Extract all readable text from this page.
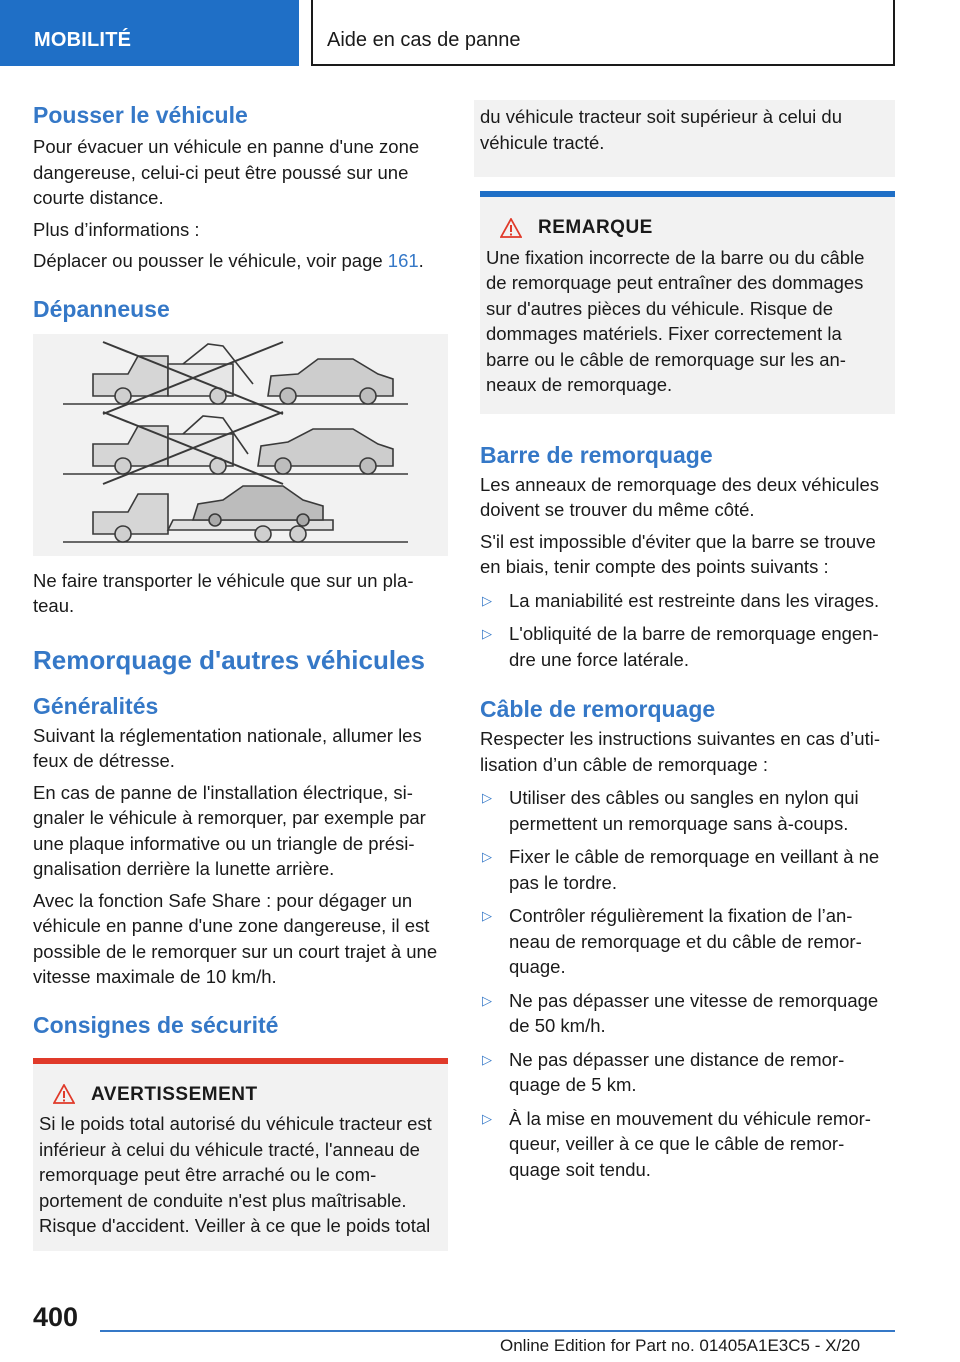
MOBILITÉ	Aide en cas de panne
Pousser le véhicule

Pour évacuer un véhicule en panne d'une zone dangereuse, celui-ci peut être poussé sur une courte distance.

Plus d’informations :

Déplacer ou pousser le véhicule, voir page 161.

Dépanneuse

Ne faire transporter le véhicule que sur un pla‐ teau.

Remorquage d'autres véhicules
Généralités

Suivant la réglementation nationale, allumer les feux de détresse.

En cas de panne de l'installation électrique, si‐ gnaler le véhicule à remorquer, par exemple par une plaque informative ou un triangle de prési‐ gnalisation derrière la lunette arrière.

Avec la fonction Safe Share : pour dégager un véhicule en panne d'une zone dangereuse, il est possible de le remorquer sur un court trajet à une vitesse maximale de 10 km/h.

Consignes de sécurité
AVERTISSEMENT

Si le poids total autorisé du véhicule tracteur est inférieur à celui du véhicule tracté, l'anneau de remorquage peut être arraché ou le com‐ portement de conduite n'est plus maîtrisable. Risque d'accident. Veiller à ce que le poids total

du véhicule tracteur soit supérieur à celui du véhicule tracté.

REMARQUE

Une fixation incorrecte de la barre ou du câble de remorquage peut entraîner des dommages sur d'autres pièces du véhicule. Risque de dommages matériels. Fixer correctement la barre ou le câble de remorquage sur les an‐ neaux de remorquage.

Barre de remorquage

Les anneaux de remorquage des deux véhicules doivent se trouver du même côté.

S'il est impossible d'éviter que la barre se trouve en biais, tenir compte des points suivants :

▷ La maniabilité est restreinte dans les virages.
▷ L'obliquité de la barre de remorquage engen‐ dre une force latérale.
Câble de remorquage

Respecter les instructions suivantes en cas d’uti‐ lisation d’un câble de remorquage :

▷ Utiliser des câbles ou sangles en nylon qui permettent un remorquage sans à-coups.
▷ Fixer le câble de remorquage en veillant à ne pas le tordre.
▷ Contrôler régulièrement la fixation de l’an‐ neau de remorquage et du câble de remor‐ quage.
▷ Ne pas dépasser une vitesse de remorquage de 50 km/h.
▷ Ne pas dépasser une distance de remor‐ quage de 5 km.
▷ À la mise en mouvement du véhicule remor‐ queur, veiller à ce que le câble de remor‐ quage soit tendu.
400
Online Edition for Part no. 01405A1E3C5 - X/20
